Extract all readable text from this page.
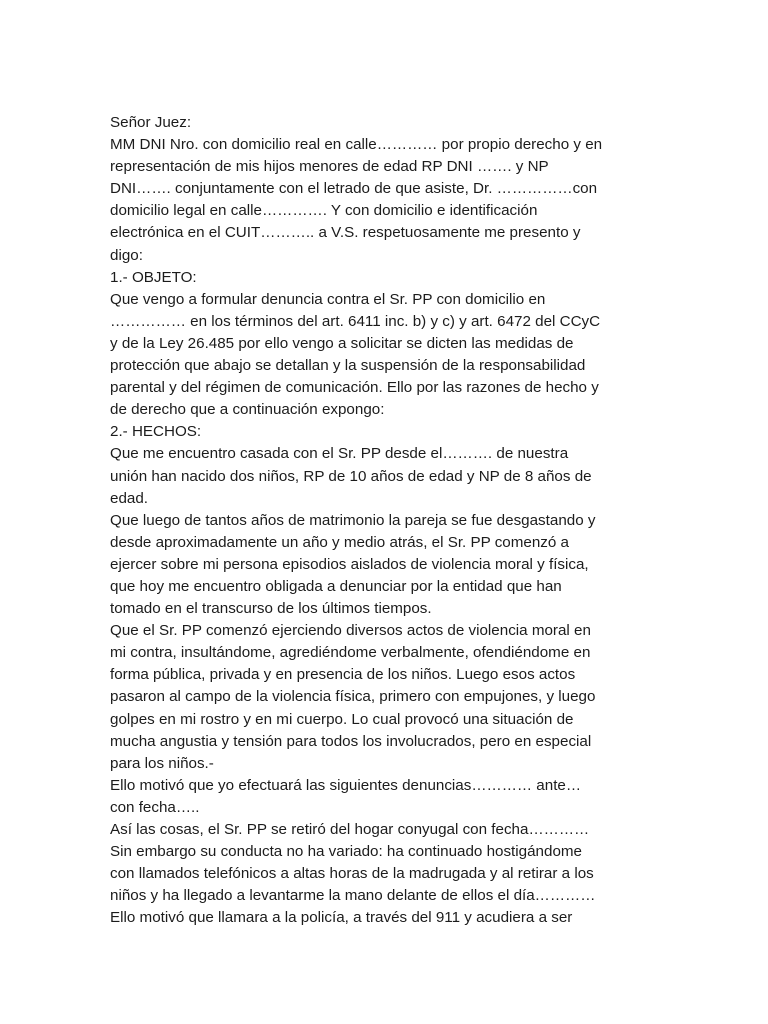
Señor Juez:
MM DNI Nro. con domicilio real en calle………… por propio derecho y en
representación de mis hijos menores de edad RP DNI ……. y NP
DNI……. conjuntamente con el letrado de que asiste, Dr. ……………con
domicilio legal en calle…………. Y con domicilio e identificación
electrónica en el CUIT……….. a V.S. respetuosamente me presento y
digo:
1.- OBJETO:
Que vengo a formular denuncia contra el Sr. PP con domicilio en
…………… en los términos del art. 6411 inc. b) y c) y art. 6472 del CCyC
y de la Ley 26.485 por ello vengo a solicitar se dicten las medidas de
protección que abajo se detallan y la suspensión de la responsabilidad
parental y del régimen de comunicación. Ello por las razones de hecho y
de derecho que a continuación expongo:
2.- HECHOS:
Que me encuentro casada con el Sr. PP desde el………. de nuestra
unión han nacido dos niños, RP de 10 años de edad y NP de 8 años de
edad.
Que luego de tantos años de matrimonio la pareja se fue desgastando y
desde aproximadamente un año y medio atrás, el Sr. PP comenzó a
ejercer sobre mi persona episodios aislados de violencia moral y física,
que hoy me encuentro obligada a denunciar por la entidad que han
tomado en el transcurso de los últimos tiempos.
Que el Sr. PP comenzó ejerciendo diversos actos de violencia moral en
mi contra, insultándome, agrediéndome verbalmente, ofendiéndome en
forma pública, privada y en presencia de los niños. Luego esos actos
pasaron al campo de la violencia física, primero con empujones, y luego
golpes en mi rostro y en mi cuerpo. Lo cual provocó una situación de
mucha angustia y tensión para todos los involucrados, pero en especial
para los niños.-
Ello motivó que yo efectuará las siguientes denuncias………… ante…
con fecha…..
Así las cosas, el Sr. PP se retiró del hogar conyugal con fecha…………
Sin embargo su conducta no ha variado: ha continuado hostigándome
con llamados telefónicos a altas horas de la madrugada y al retirar a los
niños y ha llegado a levantarme la mano delante de ellos el día…………
Ello motivó que llamara a la policía, a través del 911 y acudiera a ser
